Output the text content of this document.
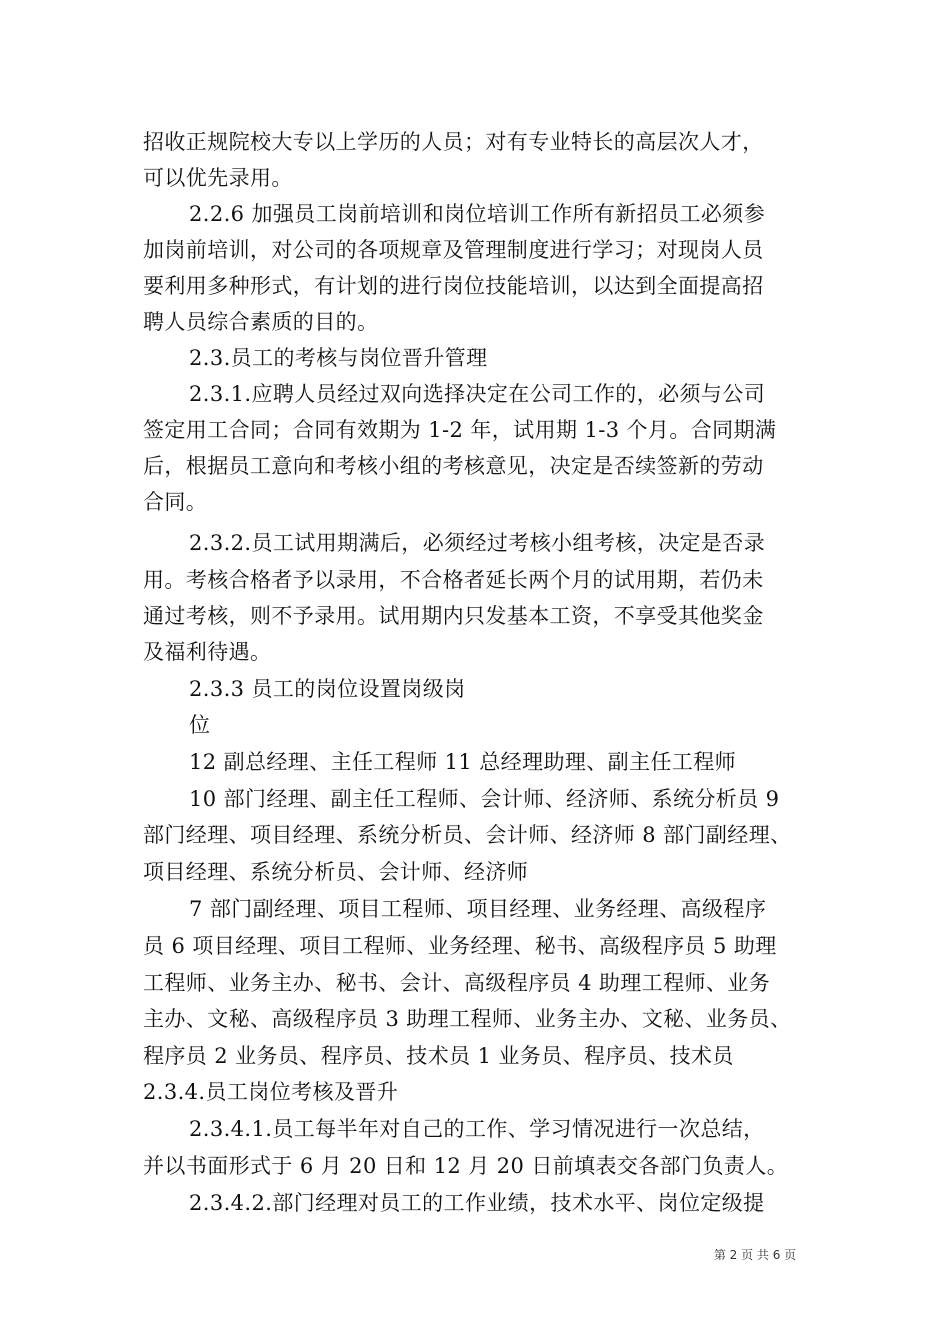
招收正规院校大专以上学历的人员；对有专业特长的高层次人才，
可以优先录用。
2.2.6 加强员工岗前培训和岗位培训工作所有新招员工必须参
加岗前培训，对公司的各项规章及管理制度进行学习；对现岗人员
要利用多种形式，有计划的进行岗位技能培训，以达到全面提高招
聘人员综合素质的目的。
2.3.员工的考核与岗位晋升管理
2.3.1.应聘人员经过双向选择决定在公司工作的，必须与公司
签定用工合同；合同有效期为 1-2 年，试用期 1-3 个月。合同期满
后，根据员工意向和考核小组的考核意见，决定是否续签新的劳动
合同。
2.3.2.员工试用期满后，必须经过考核小组考核，决定是否录
用。考核合格者予以录用，不合格者延长两个月的试用期，若仍未
通过考核，则不予录用。试用期内只发基本工资，不享受其他奖金
及福利待遇。
2.3.3 员工的岗位设置岗级岗
位
12 副总经理、主任工程师 11 总经理助理、副主任工程师
10 部门经理、副主任工程师、会计师、经济师、系统分析员 9
部门经理、项目经理、系统分析员、会计师、经济师 8 部门副经理、
项目经理、系统分析员、会计师、经济师
7 部门副经理、项目工程师、项目经理、业务经理、高级程序
员 6 项目经理、项目工程师、业务经理、秘书、高级程序员 5 助理
工程师、业务主办、秘书、会计、高级程序员 4 助理工程师、业务
主办、文秘、高级程序员 3 助理工程师、业务主办、文秘、业务员、
程序员 2 业务员、程序员、技术员 1 业务员、程序员、技术员
2.3.4.员工岗位考核及晋升
2.3.4.1.员工每半年对自己的工作、学习情况进行一次总结，
并以书面形式于 6 月 20 日和 12 月 20 日前填表交各部门负责人。
2.3.4.2.部门经理对员工的工作业绩，技术水平、岗位定级提
第 2 页 共 6 页
